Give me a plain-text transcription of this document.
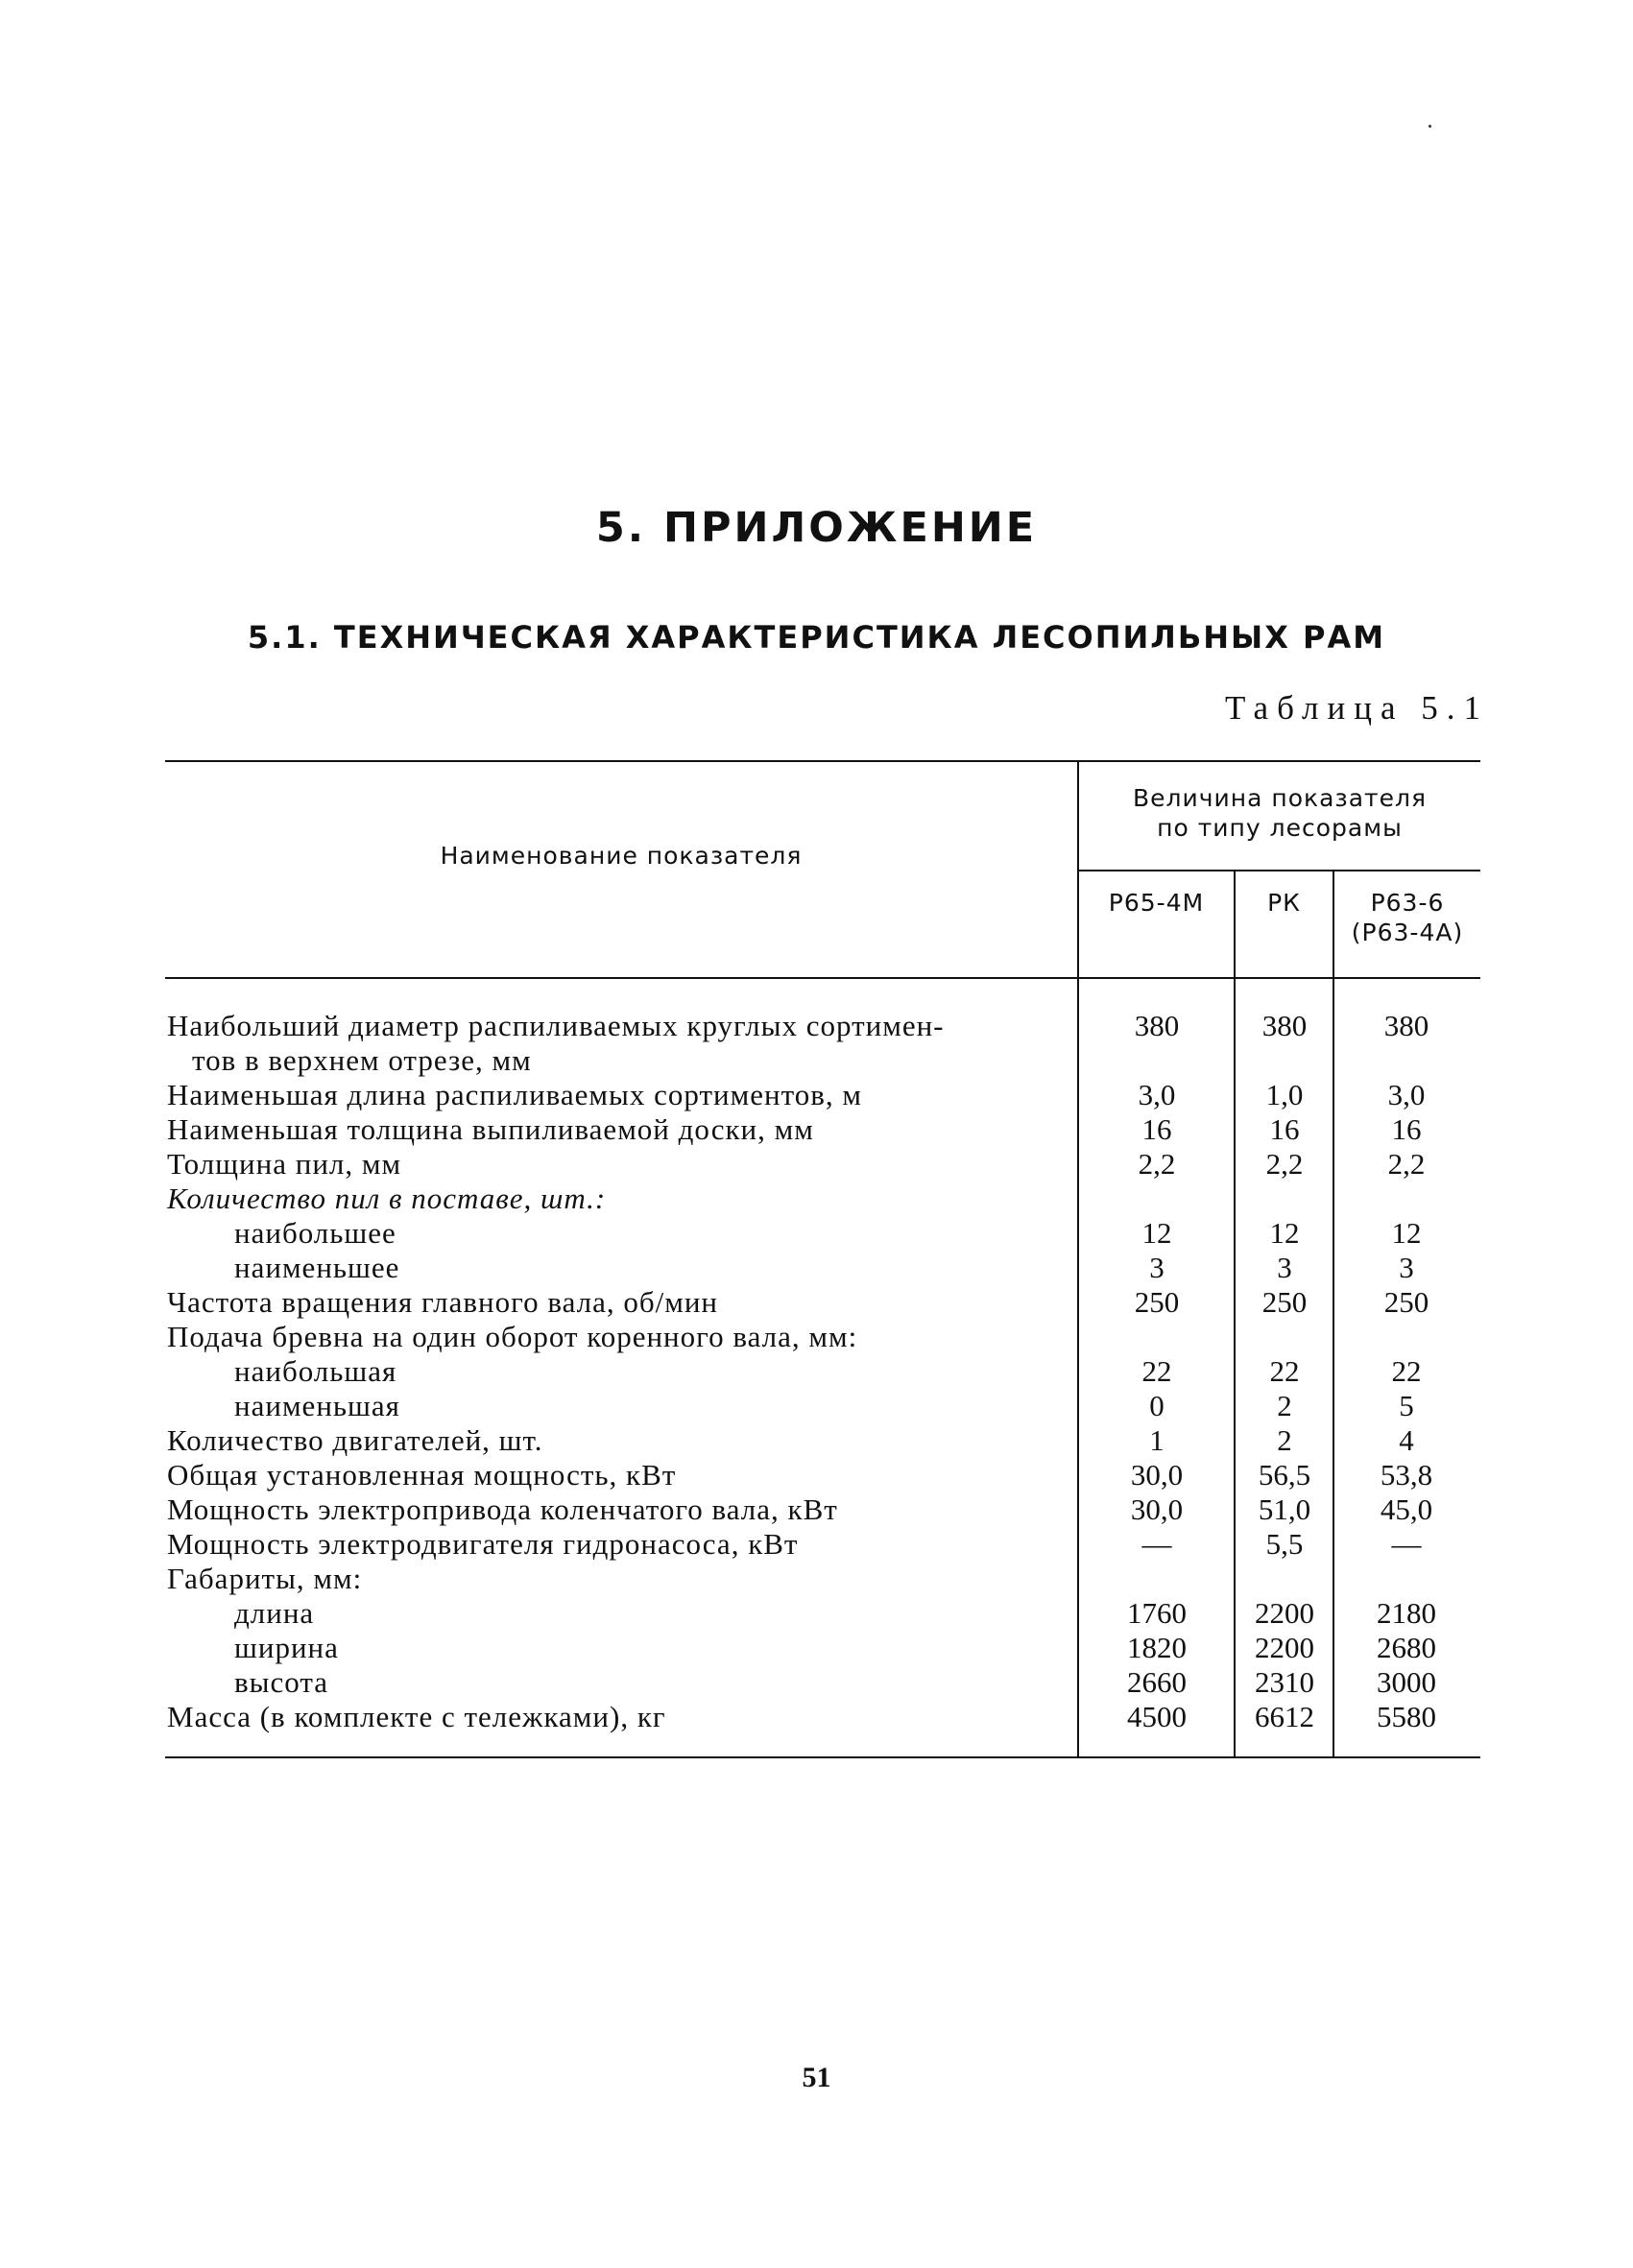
5. ПРИЛОЖЕНИЕ
5.1. ТЕХНИЧЕСКАЯ ХАРАКТЕРИСТИКА ЛЕСОПИЛЬНЫХ РАМ
Таблица 5.1
Наименование показателя
Величина показателя
по типу лесорамы
Р65-4М	РК	Р63-6
(Р63-4А)
Наибольший диаметр распиливаемых круглых сортимен-	380	380	380
тов в верхнем отрезе, мм
Наименьшая длина распиливаемых сортиментов, м	3,0	1,0	3,0
Наименьшая толщина выпиливаемой доски, мм	16	16	16
Толщина пил, мм	2,2	2,2	2,2
Количество пил в поставе, шт.:
наибольшее	12	12	12
наименьшее	3	3	3
Частота вращения главного вала, об/мин	250	250	250
Подача бревна на один оборот коренного вала, мм:
наибольшая	22	22	22
наименьшая	0	2	5
Количество двигателей, шт.	1	2	4
Общая установленная мощность, кВт	30,0	56,5	53,8
Мощность электропривода коленчатого вала, кВт	30,0	51,0	45,0
Мощность электродвигателя гидронасоса, кВт	—	5,5	—
Габариты, мм:
длина	1760	2200	2180
ширина	1820	2200	2680
высота	2660	2310	3000
Масса (в комплекте с тележками), кг	4500	6612	5580
51
